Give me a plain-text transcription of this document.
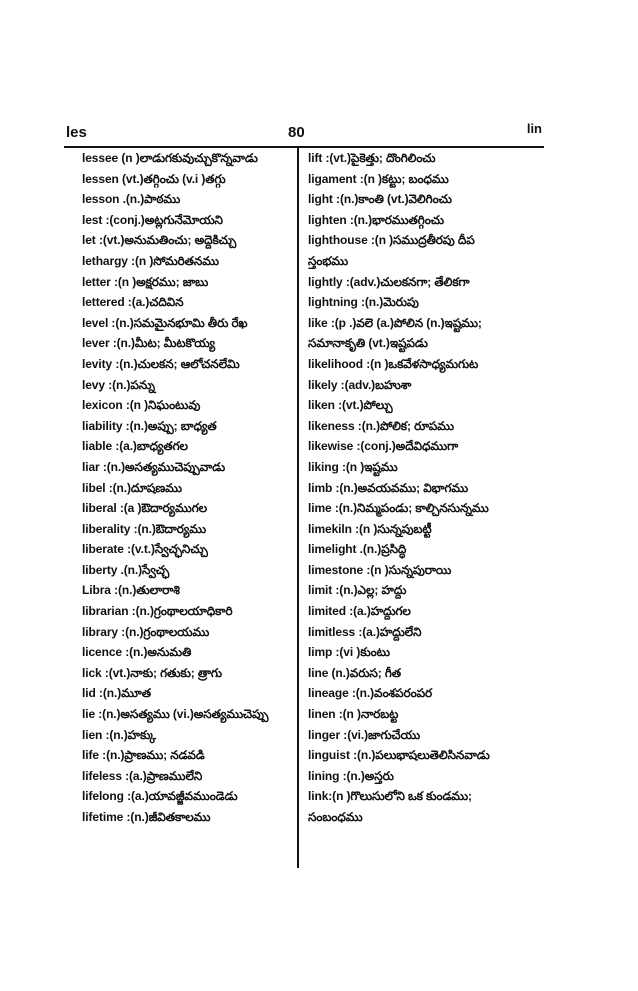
les	80	lin
lessee (n )లాడుగకువుచ్చుకొన్నవాడు
lessen (vt.)తగ్గించు (v.i )తగ్గు
lesson .(n.)పాఠము
lest :(conj.)అట్లగునేమోయని
let :(vt.)అనుమతించు; అద్దెకిచ్చు
lethargy :(n )సోమరితనము
letter :(n )అక్షరము; జాబు
lettered :(a.)చదివిన
level :(n.)సమమైనభూమి తీరు రేఖ
lever :(n.)మీట; మీటకొయ్య
levity :(n.)చులకన; ఆలోచనలేమి
levy :(n.)పన్ను
lexicon :(n )నిఘంటువు
liability :(n.)అప్పు; బాధ్యత
liable :(a.)బాధ్యతగల
liar :(n.)అసత్యముచెప్పువాడు
libel :(n.)దూషణము
liberal :(a )ఔదార్యముగల
liberality :(n.)ఔదార్యము
liberate :(v.t.)స్వేచ్ఛనిచ్చు
liberty .(n.)స్వేచ్ఛ
Libra :(n.)తులారాశి
librarian :(n.)గ్రంథాలయాధికారి
library :(n.)గ్రంథాలయము
licence :(n.)అనుమతి
lick :(vt.)నాకు; గతుకు; త్రాగు
lid :(n.)మూత
lie :(n.)అసత్యము (vi.)అసత్యముచెప్పు
lien :(n.)హక్కు
life :(n.)ప్రాణము; నడవడి
lifeless :(a.)ప్రాణములేని
lifelong :(a.)యావజ్జీవముండెడు
lifetime :(n.)జీవితకాలము
lift :(vt.)పైకెత్తు; దొంగిలించు
ligament :(n )కట్టు; బంధము
light :(n.)కాంతి (vt.)వెలిగించు
lighten :(n.)భారముతగ్గించు
lighthouse :(n )సముద్రతీరపు దీప
స్తంభము
lightly :(adv.)చులకనగా; తేలికగా
lightning :(n.)మెరుపు
like :(p .)వలె (a.)పోలిన (n.)ఇష్టము;
సమానాకృతి (vt.)ఇష్టపడు
likelihood :(n )ఒకవేళసాధ్యమగుట
likely :(adv.)బహుశా
liken :(vt.)పోల్చు
likeness :(n.)పోలిక; రూపము
likewise :(conj.)అదేవిధముగా
liking :(n )ఇష్టము
limb :(n.)అవయవము; విభాగము
lime :(n.)నిమ్మపండు; కాల్చినసున్నము
limekiln :(n )సున్నపుబట్టీ
limelight .(n.)ప్రసిద్ధి
limestone :(n )సున్నపురాయి
limit :(n.)ఎల్ల; హద్దు
limited :(a.)హద్దుగల
limitless :(a.)హద్దులేని
limp :(vi )కుంటు
line (n.)వరుస; గీత
lineage :(n.)వంశపరంపర
linen :(n )నారబట్ట
linger :(vi.)జాగుచేయు
linguist :(n.)పలుభాషలుతెలిసినవాడు
lining :(n.)అస్తరు
link:(n )గొలుసులోని ఒక కుండము;
సంబంధము
